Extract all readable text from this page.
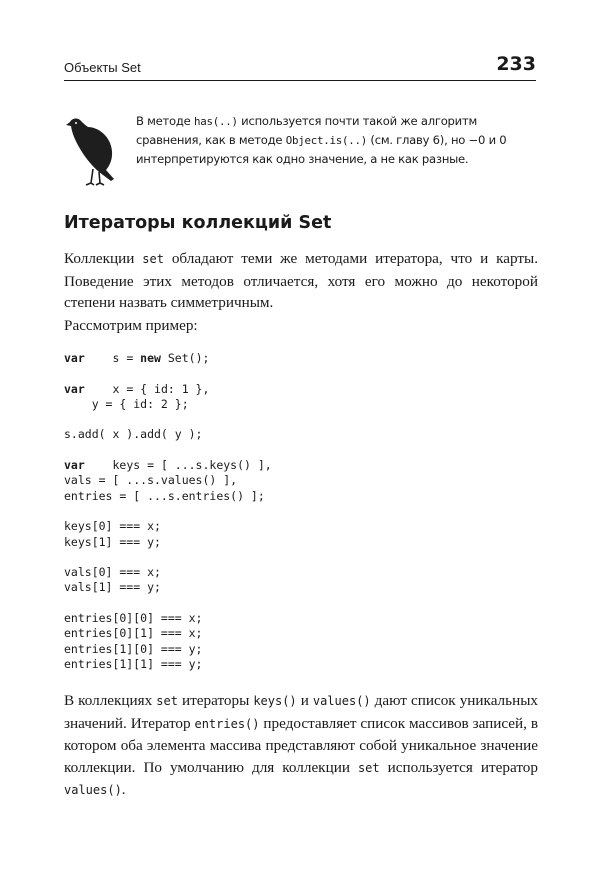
Объекты Set	233

В методе has(..) используется почти такой же алгоритм сравнения, как в методе Object.is(..) (см. главу 6), но −0 и 0 интерпретируются как одно значение, а не как разные.

Итераторы коллекций Set

Коллекции set обладают теми же методами итератора, что и карты. Поведение этих методов отличается, хотя его можно до некоторой степени назвать симметричным.

Рассмотрим пример:

var    s = new Set();

var    x = { id: 1 },
y = { id: 2 };

s.add( x ).add( y );

var    keys = [ ...s.keys() ],
vals = [ ...s.values() ],
entries = [ ...s.entries() ];

keys[0] === x;
keys[1] === y;

vals[0] === x;
vals[1] === y;

entries[0][0] === x;
entries[0][1] === x;
entries[1][0] === y;
entries[1][1] === y;

В коллекциях set итераторы keys() и values() дают список уникальных значений. Итератор entries() предоставляет список массивов записей, в котором оба элемента массива представляют собой уникальное значение коллекции. По умолчанию для коллекции set используется итератор values().
